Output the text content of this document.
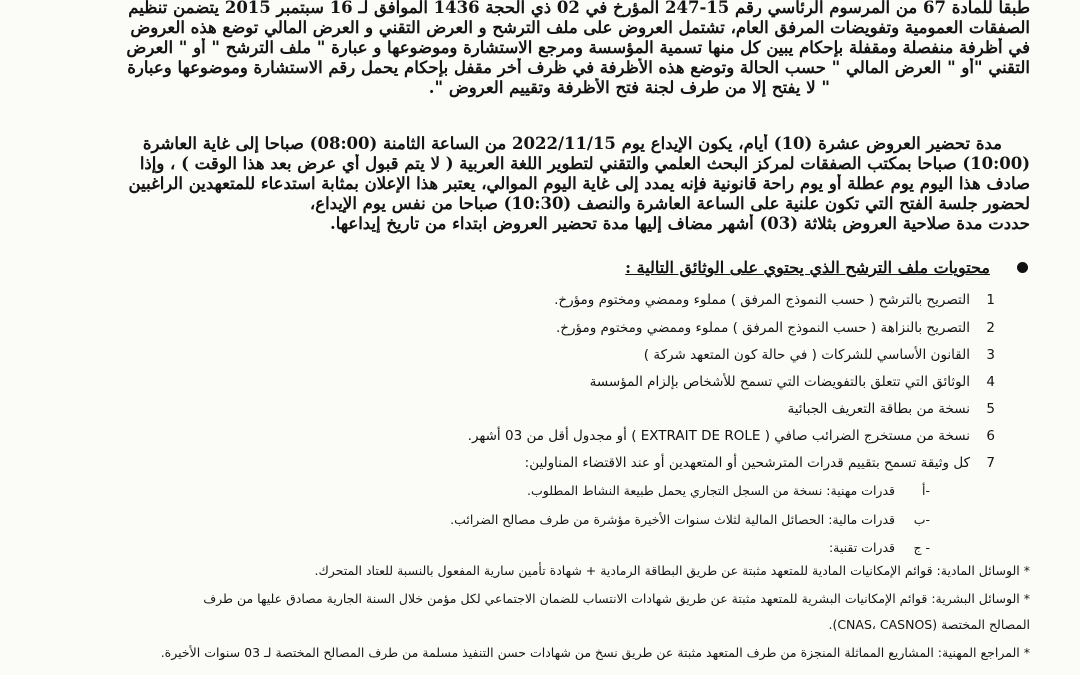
طبقا للمادة 67 من المرسوم الرئاسي رقم 15-247 المؤرخ في 02 ذي الحجة 1436 الموافق لـ 16 سبتمبر 2015 يتضمن تنظيم
الصفقات العمومية وتفويضات المرفق العام، تشتمل العروض على ملف الترشح و العرض التقني و العرض المالي توضع هذه العروض
في أظرفة منفصلة ومقفلة بإحكام يبين كل منها تسمية المؤسسة ومرجع الاستشارة وموضوعها و عبارة " ملف الترشح " أو " العرض
التقني "أو " العرض المالي " حسب الحالة وتوضع هذه الأظرفة في ظرف أخر مقفل بإحكام يحمل رقم الاستشارة وموضوعها وعبارة
" لا يفتح إلا من طرف لجنة فتح الأظرفة وتقييم العروض ".
مدة تحضير العروض عشرة (10) أيام، يكون الإيداع يوم 2022/11/15 من الساعة الثامنة (08:00) صباحا إلى غاية العاشرة
(10:00) صباحا بمكتب الصفقات لمركز البحث العلمي والتقني لتطوير اللغة العربية ( لا يتم قبول أي عرض بعد هذا الوقت ) ، وإذا
صادف هذا اليوم يوم عطلة أو يوم راحة قانونية فإنه يمدد إلى غاية اليوم الموالي، يعتبر هذا الإعلان بمثابة استدعاء للمتعهدين الراغبين
لحضور جلسة الفتح التي تكون علنية على الساعة العاشرة والنصف (10:30) صباحا من نفس يوم الإيداع،
حددت مدة صلاحية العروض بثلاثة (03) أشهر مضاف إليها مدة تحضير العروض ابتداء من تاريخ إيداعها.
محتويات ملف الترشح الذي يحتوي على الوثائق التالية :
1
التصريح بالترشح ( حسب النموذج المرفق ) مملوء وممضي ومختوم ومؤرخ.
2
التصريح بالنزاهة ( حسب النموذج المرفق ) مملوء وممضي ومختوم ومؤرخ.
3
القانون الأساسي للشركات ( في حالة كون المتعهد شركة )
4
الوثائق التي تتعلق بالتفويضات التي تسمح للأشخاص بإلزام المؤسسة
5
نسخة من بطاقة التعريف الجبائية
6
نسخة من مستخرج الضرائب صافي ( EXTRAIT DE ROLE ) أو مجدول أقل من 03 أشهر.
7
كل وثيقة تسمح بتقييم قدرات المترشحين أو المتعهدين أو عند الاقتضاء المناولين:
أ-
قدرات مهنية: نسخة من السجل التجاري يحمل طبيعة النشاط المطلوب.
ب-
قدرات مالية: الحصائل المالية لثلاث سنوات الأخيرة مؤشرة من طرف مصالح الضرائب.
ج -
قدرات تقنية:
* الوسائل المادية: قوائم الإمكانيات المادية للمتعهد مثبتة عن طريق البطاقة الرمادية + شهادة تأمين سارية المفعول بالنسبة للعتاد المتحرك.
* الوسائل البشرية: قوائم الإمكانيات البشرية للمتعهد مثبتة عن طريق شهادات الانتساب للضمان الاجتماعي لكل مؤمن خلال السنة الجارية مصادق عليها من طرف
المصالح المختصة (CNAS، CASNOS).
* المراجع المهنية: المشاريع المماثلة المنجزة من طرف المتعهد مثبتة عن طريق نسخ من شهادات حسن التنفيذ مسلمة من طرف المصالح المختصة لـ 03 سنوات الأخيرة.
